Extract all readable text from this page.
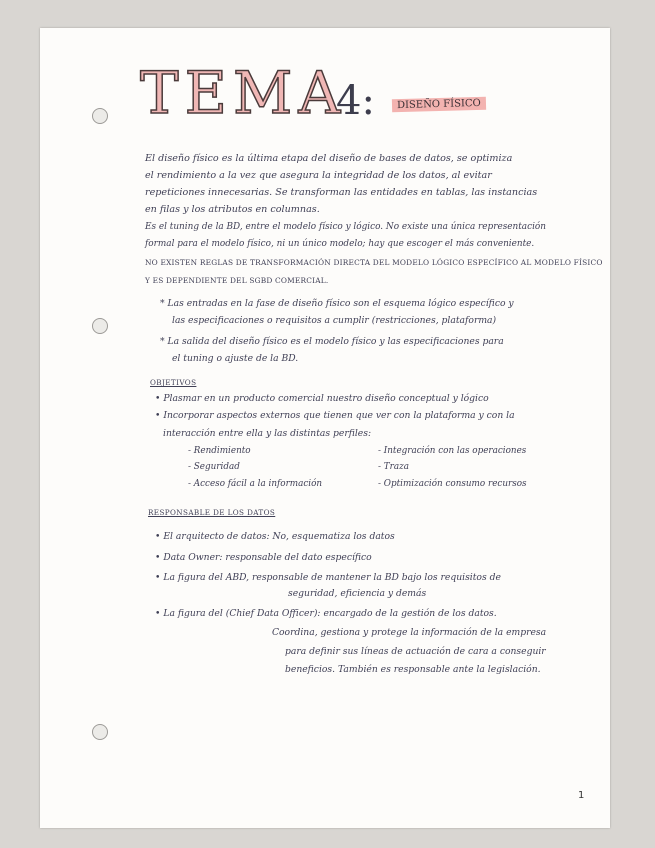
TEMA
4:	DISEÑO FÍSICO
El diseño físico es la última etapa del diseño de bases de datos, se optimiza
el rendimiento a la vez que asegura la integridad de los datos, al evitar
repeticiones innecesarias. Se transforman las entidades en tablas, las instancias
en filas y los atributos en columnas.
Es el tuning de la BD, entre el modelo físico y lógico. No existe una única representación
formal para el modelo físico, ni un único modelo; hay que escoger el más conveniente.
NO EXISTEN REGLAS DE TRANSFORMACIÓN DIRECTA DEL MODELO LÓGICO ESPECÍFICO AL MODELO FÍSICO
Y ES DEPENDIENTE DEL SGBD COMERCIAL.
* Las entradas en la fase de diseño físico son el esquema lógico específico y
las especificaciones o requisitos a cumplir (restricciones, plataforma)
* La salida del diseño físico es el modelo físico y las especificaciones para
el tuning o ajuste de la BD.
OBJETIVOS
• Plasmar en un producto comercial nuestro diseño conceptual y lógico
• Incorporar aspectos externos que tienen que ver con la plataforma y con la
interacción entre ella y las distintas perfiles:
- Rendimiento
- Seguridad
- Acceso fácil a la información
- Integración con las operaciones
- Traza
- Optimización consumo recursos
RESPONSABLE DE LOS DATOS
• El arquitecto de datos: No, esquematiza los datos
• Data Owner: responsable del dato específico
• La figura del ABD, responsable de mantener la BD bajo los requisitos de
seguridad, eficiencia y demás
• La figura del (Chief Data Officer): encargado de la gestión de los datos.
Coordina, gestiona y protege la información de la empresa
para definir sus líneas de actuación de cara a conseguir
beneficios. También es responsable ante la legislación.
1
